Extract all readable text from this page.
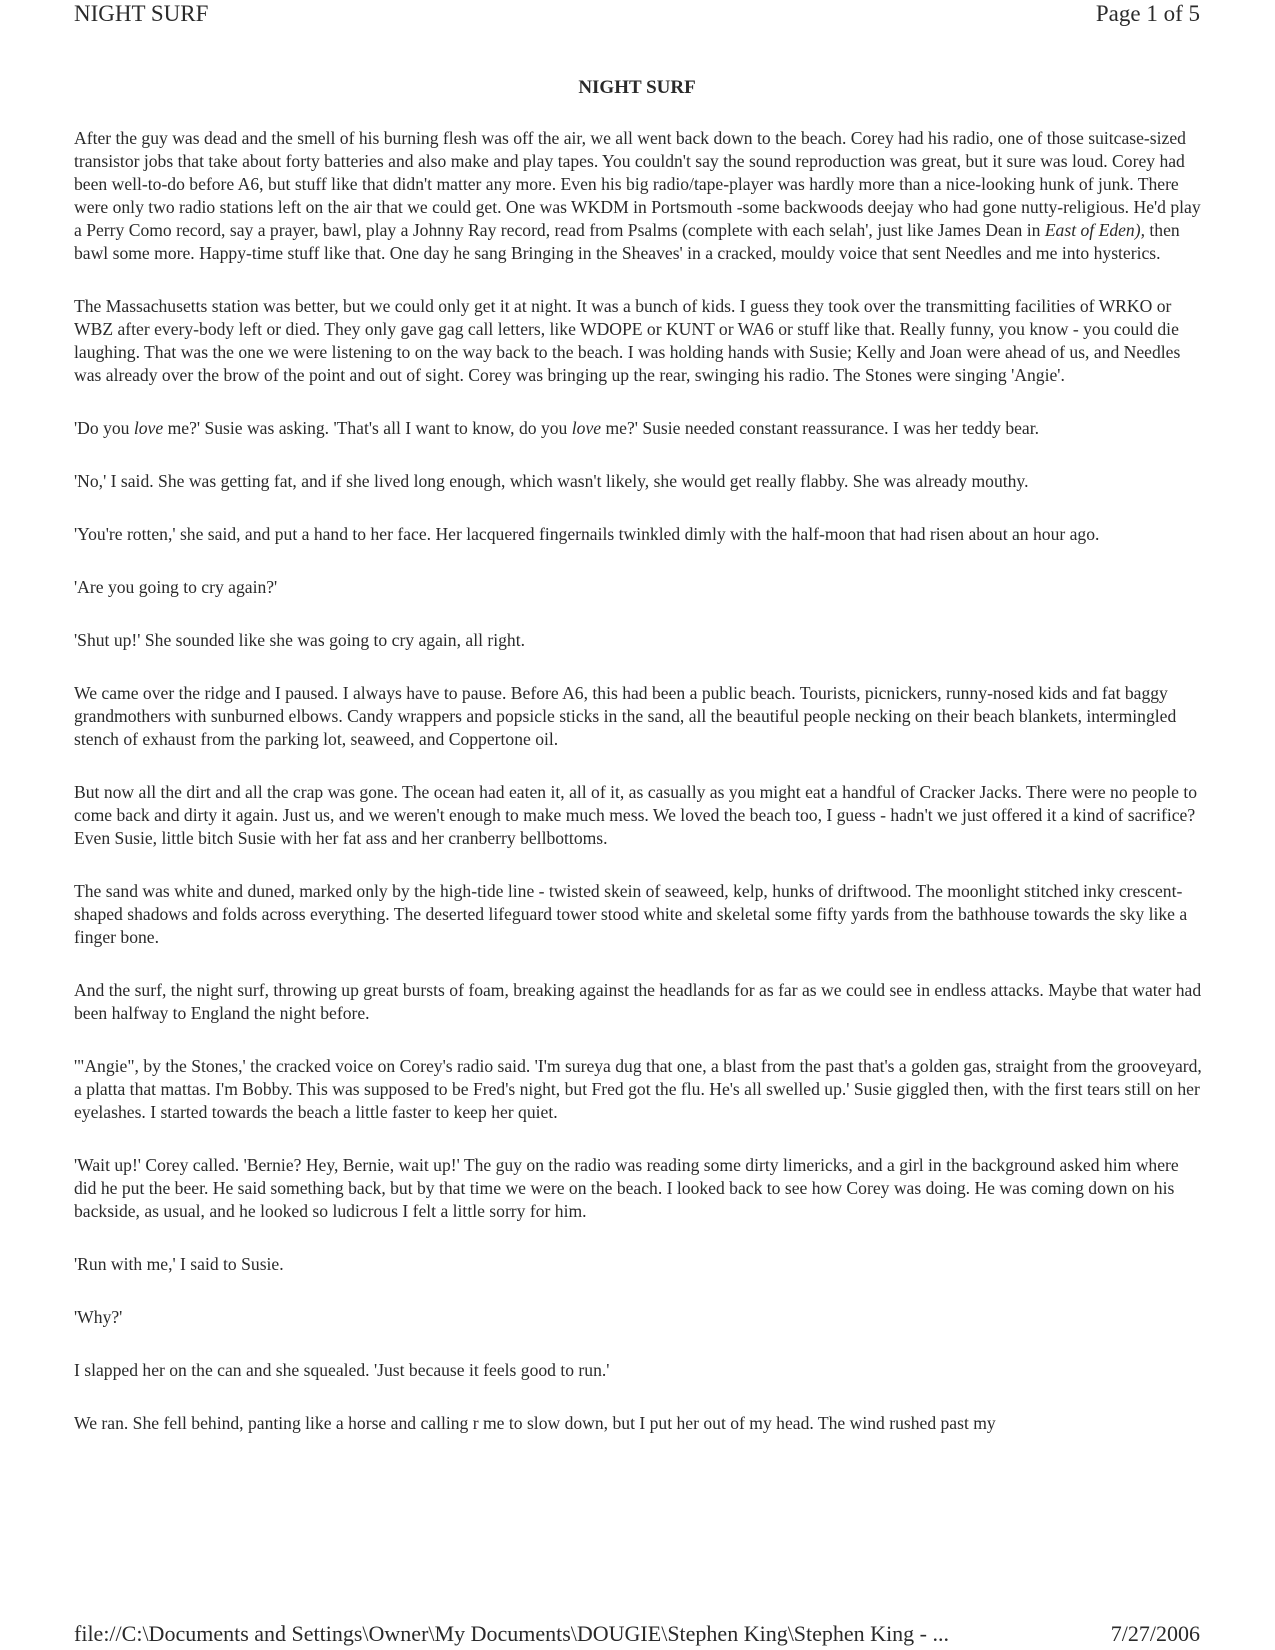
NIGHT SURF	Page 1 of 5
NIGHT SURF

After the guy was dead and the smell of his burning flesh was off the air, we all went back down to the beach. Corey had his radio, one of those suitcase-sized transistor jobs that take about forty batteries and also make and play tapes. You couldn't say the sound reproduction was great, but it sure was loud. Corey had been well-to-do before A6, but stuff like that didn't matter any more. Even his big radio/tape-player was hardly more than a nice-looking hunk of junk. There were only two radio stations left on the air that we could get. One was WKDM in Portsmouth -some backwoods deejay who had gone nutty-religious. He'd play a Perry Como record, say a prayer, bawl, play a Johnny Ray record, read from Psalms (complete with each selah', just like James Dean in East of Eden), then bawl some more. Happy-time stuff like that. One day he sang Bringing in the Sheaves' in a cracked, mouldy voice that sent Needles and me into hysterics.

The Massachusetts station was better, but we could only get it at night. It was a bunch of kids. I guess they took over the transmitting facilities of WRKO or WBZ after every-body left or died. They only gave gag call letters, like WDOPE or KUNT or WA6 or stuff like that. Really funny, you know - you could die laughing. That was the one we were listening to on the way back to the beach. I was holding hands with Susie; Kelly and Joan were ahead of us, and Needles was already over the brow of the point and out of sight. Corey was bringing up the rear, swinging his radio. The Stones were singing 'Angie'.

'Do you love me?' Susie was asking. 'That's all I want to know, do you love me?' Susie needed constant reassurance. I was her teddy bear.

'No,' I said. She was getting fat, and if she lived long enough, which wasn't likely, she would get really flabby. She was already mouthy.

'You're rotten,' she said, and put a hand to her face. Her lacquered fingernails twinkled dimly with the half-moon that had risen about an hour ago.

'Are you going to cry again?'

'Shut up!' She sounded like she was going to cry again, all right.

We came over the ridge and I paused. I always have to pause. Before A6, this had been a public beach. Tourists, picnickers, runny-nosed kids and fat baggy grandmothers with sunburned elbows. Candy wrappers and popsicle sticks in the sand, all the beautiful people necking on their beach blankets, intermingled stench of exhaust from the parking lot, seaweed, and Coppertone oil.

But now all the dirt and all the crap was gone. The ocean had eaten it, all of it, as casually as you might eat a handful of Cracker Jacks. There were no people to come back and dirty it again. Just us, and we weren't enough to make much mess. We loved the beach too, I guess - hadn't we just offered it a kind of sacrifice? Even Susie, little bitch Susie with her fat ass and her cranberry bellbottoms.

The sand was white and duned, marked only by the high-tide line - twisted skein of seaweed, kelp, hunks of driftwood. The moonlight stitched inky crescent-shaped shadows and folds across everything. The deserted lifeguard tower stood white and skeletal some fifty yards from the bathhouse towards the sky like a finger bone.

And the surf, the night surf, throwing up great bursts of foam, breaking against the headlands for as far as we could see in endless attacks. Maybe that water had been halfway to England the night before.

'"Angie", by the Stones,' the cracked voice on Corey's radio said. 'I'm sureya dug that one, a blast from the past that's a golden gas, straight from the grooveyard, a platta that mattas. I'm Bobby. This was supposed to be Fred's night, but Fred got the flu. He's all swelled up.' Susie giggled then, with the first tears still on her eyelashes. I started towards the beach a little faster to keep her quiet.

'Wait up!' Corey called. 'Bernie? Hey, Bernie, wait up!' The guy on the radio was reading some dirty limericks, and a girl in the background asked him where did he put the beer. He said something back, but by that time we were on the beach. I looked back to see how Corey was doing. He was coming down on his backside, as usual, and he looked so ludicrous I felt a little sorry for him.

'Run with me,' I said to Susie.

'Why?'

I slapped her on the can and she squealed. 'Just because it feels good to run.'

We ran. She fell behind, panting like a horse and calling r me to slow down, but I put her out of my head. The wind rushed past my

file://C:\Documents and Settings\Owner\My Documents\DOUGIE\Stephen King\Stephen King - ...	7/27/2006
